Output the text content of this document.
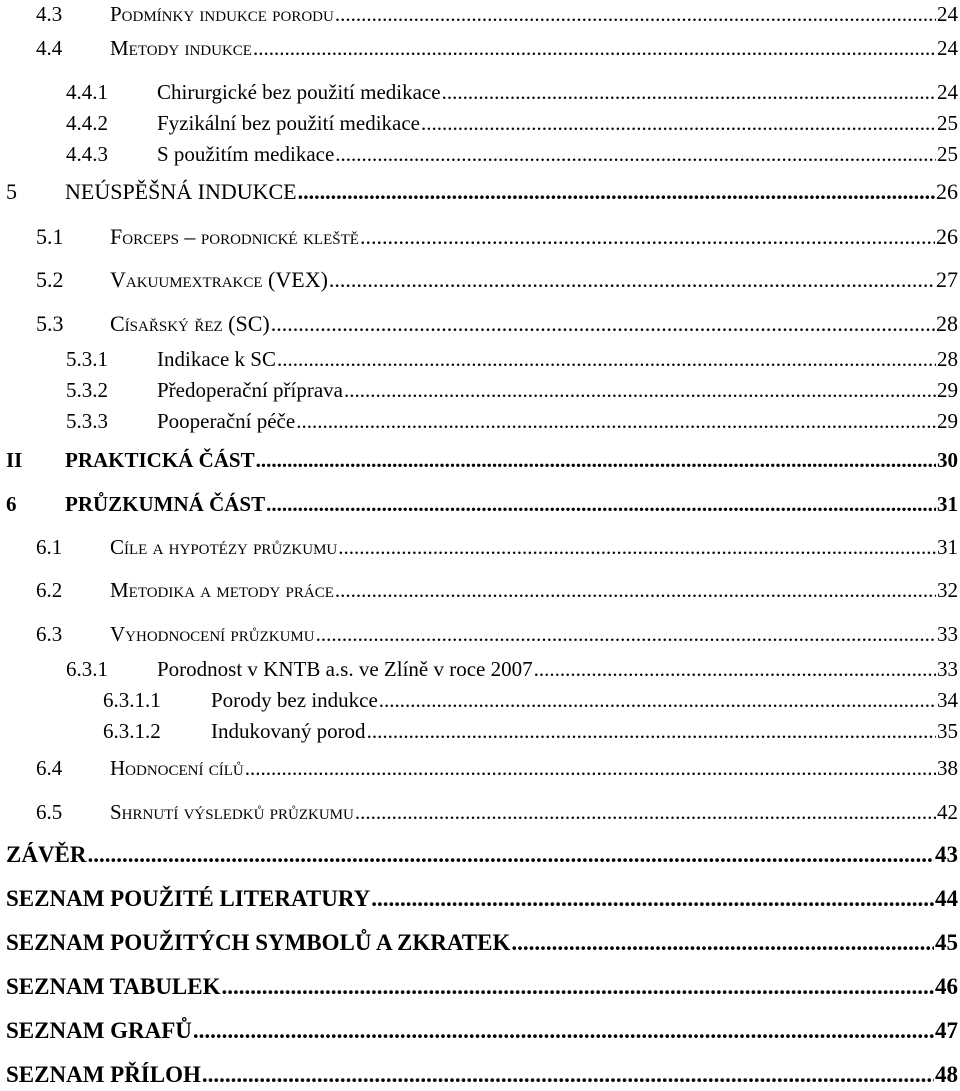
4.3 Podmínky indukce porodu .....	24
4.4 Metody indukce .....	24
4.4.1 Chirurgické bez použití medikace .....	24
4.4.2 Fyzikální bez použití medikace .....	25
4.4.3 S použitím medikace .....	25
5 NEÚSPĚŠNÁ INDUKCE .....	26
5.1 Forceps – porodnické kleště .....	26
5.2 Vakuumextrakce (VEX) .....	27
5.3 Císařský řez (SC) .....	28
5.3.1 Indikace k SC .....	28
5.3.2 Předoperační příprava .....	29
5.3.3 Pooperační péče .....	29
II PRAKTICKÁ ČÁST .....	30
6 PRŮZKUMNÁ ČÁST .....	31
6.1 Cíle a hypotézy průzkumu .....	31
6.2 Metodika a metody práce .....	32
6.3 Vyhodnocení průzkumu .....	33
6.3.1 Porodnost v KNTB a.s. ve Zlíně v roce 2007 .....	33
6.3.1.1 Porody bez indukce .....	34
6.3.1.2 Indukovaný porod .....	35
6.4 Hodnocení cílů .....	38
6.5 Shrnutí výsledků průzkumu .....	42
ZÁVĚR .....	43
SEZNAM POUŽITÉ LITERATURY .....	44
SEZNAM POUŽITÝCH SYMBOLŮ A ZKRATEK .....	45
SEZNAM TABULEK .....	46
SEZNAM GRAFŮ .....	47
SEZNAM PŘÍLOH .....	48
